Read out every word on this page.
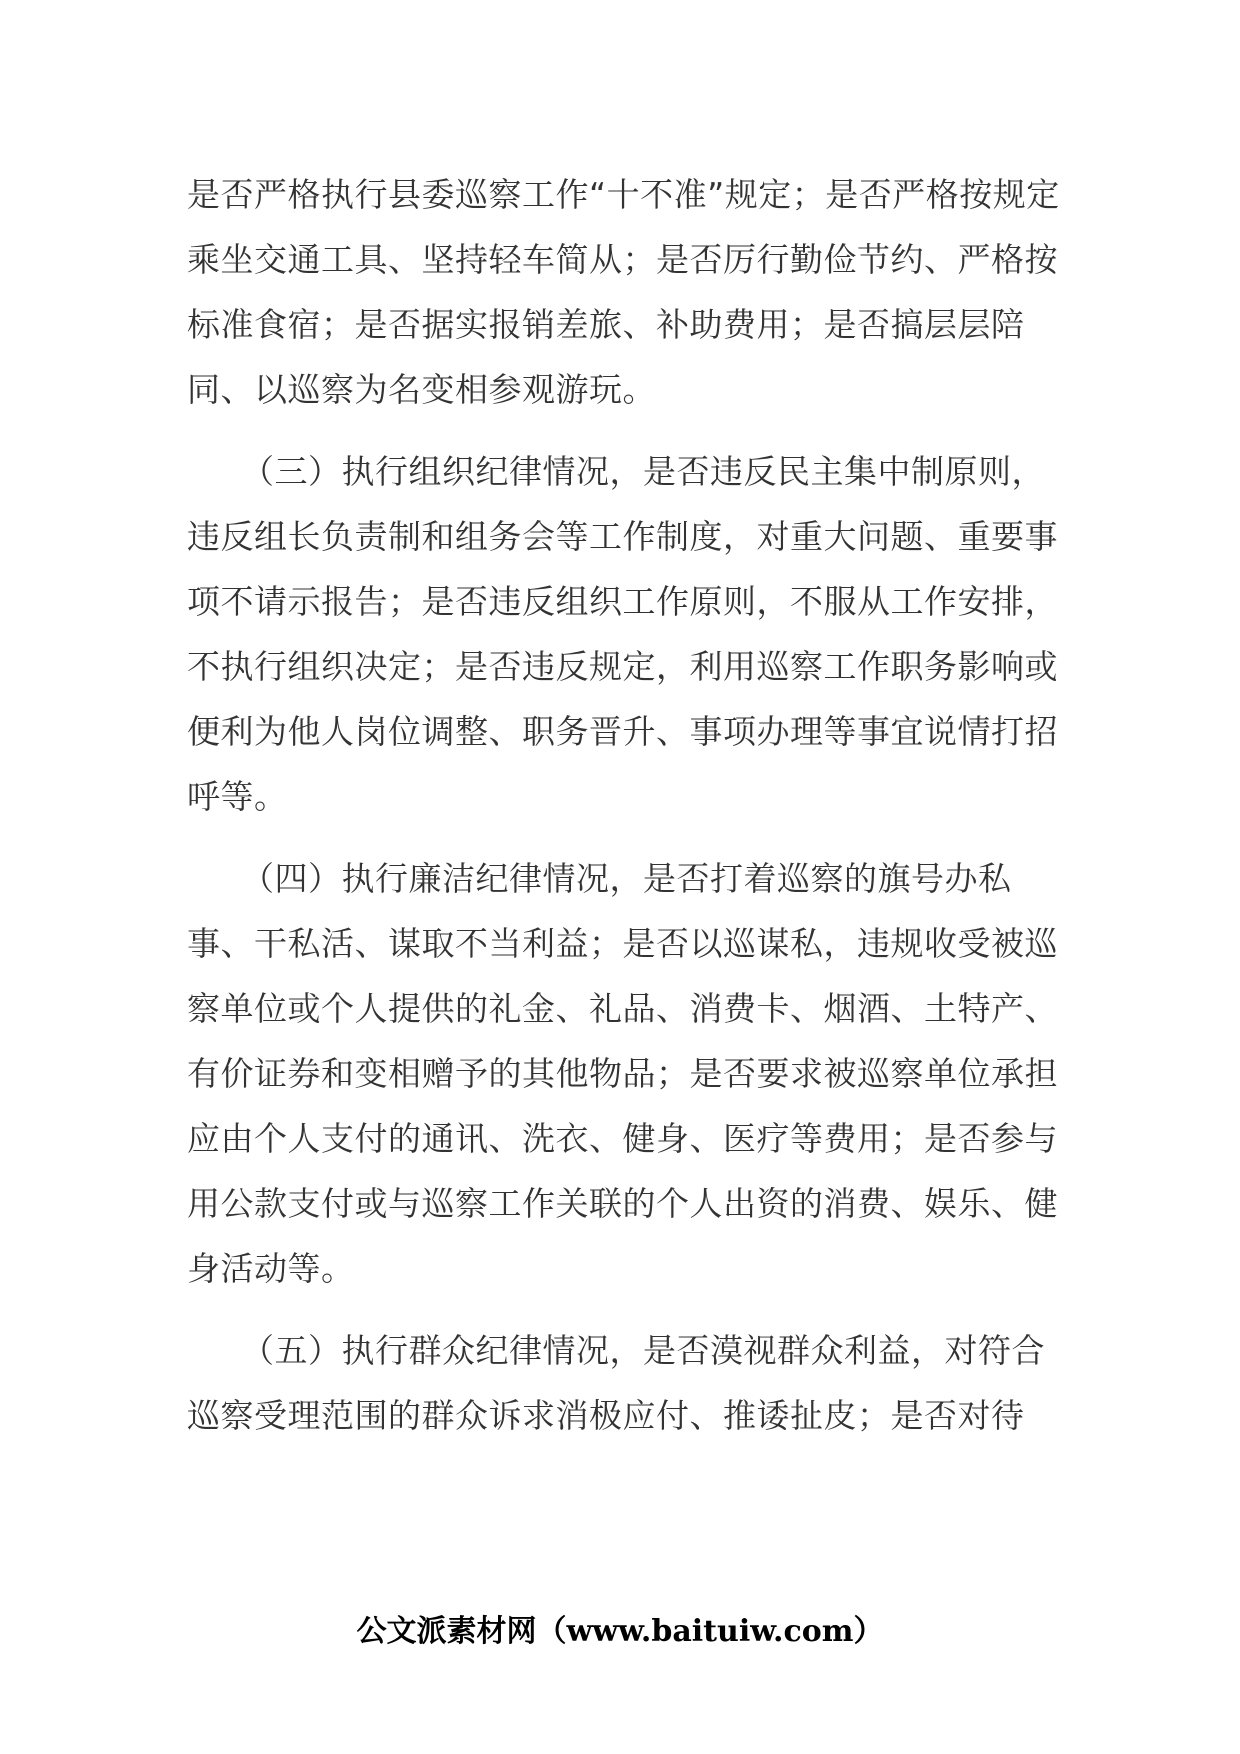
是否严格执行县委巡察工作“十不准”规定；是否严格按规定乘坐交通工具、坚持轻车简从；是否厉行勤俭节约、严格按标准食宿；是否据实报销差旅、补助费用；是否搞层层陪同、以巡察为名变相参观游玩。

（三）执行组织纪律情况，是否违反民主集中制原则，违反组长负责制和组务会等工作制度，对重大问题、重要事项不请示报告；是否违反组织工作原则，不服从工作安排，不执行组织决定；是否违反规定，利用巡察工作职务影响或便利为他人岗位调整、职务晋升、事项办理等事宜说情打招呼等。

（四）执行廉洁纪律情况，是否打着巡察的旗号办私事、干私活、谋取不当利益；是否以巡谋私，违规收受被巡察单位或个人提供的礼金、礼品、消费卡、烟酒、土特产、有价证券和变相赠予的其他物品；是否要求被巡察单位承担应由个人支付的通讯、洗衣、健身、医疗等费用；是否参与用公款支付或与巡察工作关联的个人出资的消费、娱乐、健身活动等。

（五）执行群众纪律情况，是否漠视群众利益，对符合巡察受理范围的群众诉求消极应付、推诿扯皮；是否对待

公文派素材网（www.baituiw.com）
